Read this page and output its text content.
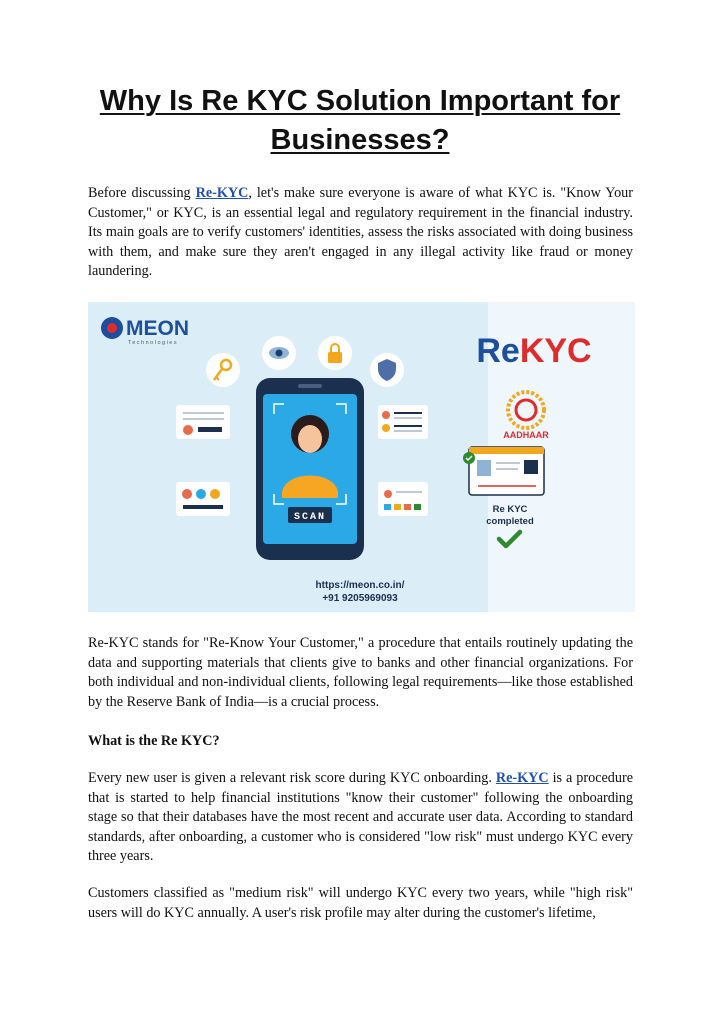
Why Is Re KYC Solution Important for Businesses?

Before discussing Re-KYC, let's make sure everyone is aware of what KYC is. "Know Your Customer," or KYC, is an essential legal and regulatory requirement in the financial industry. Its main goals are to verify customers' identities, assess the risks associated with doing business with them, and make sure they aren't engaged in any illegal activity like fraud or money laundering.

MEON
Technologies
SCAN
ReKYC
AADHAAR
Re KYC
completed
https://meon.co.in/
+91 9205969093

Re-KYC stands for "Re-Know Your Customer," a procedure that entails routinely updating the data and supporting materials that clients give to banks and other financial organizations. For both individual and non-individual clients, following legal requirements—like those established by the Reserve Bank of India—is a crucial process.

What is the Re KYC?

Every new user is given a relevant risk score during KYC onboarding. Re-KYC is a procedure that is started to help financial institutions "know their customer" following the onboarding stage so that their databases have the most recent and accurate user data. According to standard standards, after onboarding, a customer who is considered "low risk" must undergo KYC every three years.

Customers classified as "medium risk" will undergo KYC every two years, while "high risk" users will do KYC annually. A user's risk profile may alter during the customer's lifetime,
